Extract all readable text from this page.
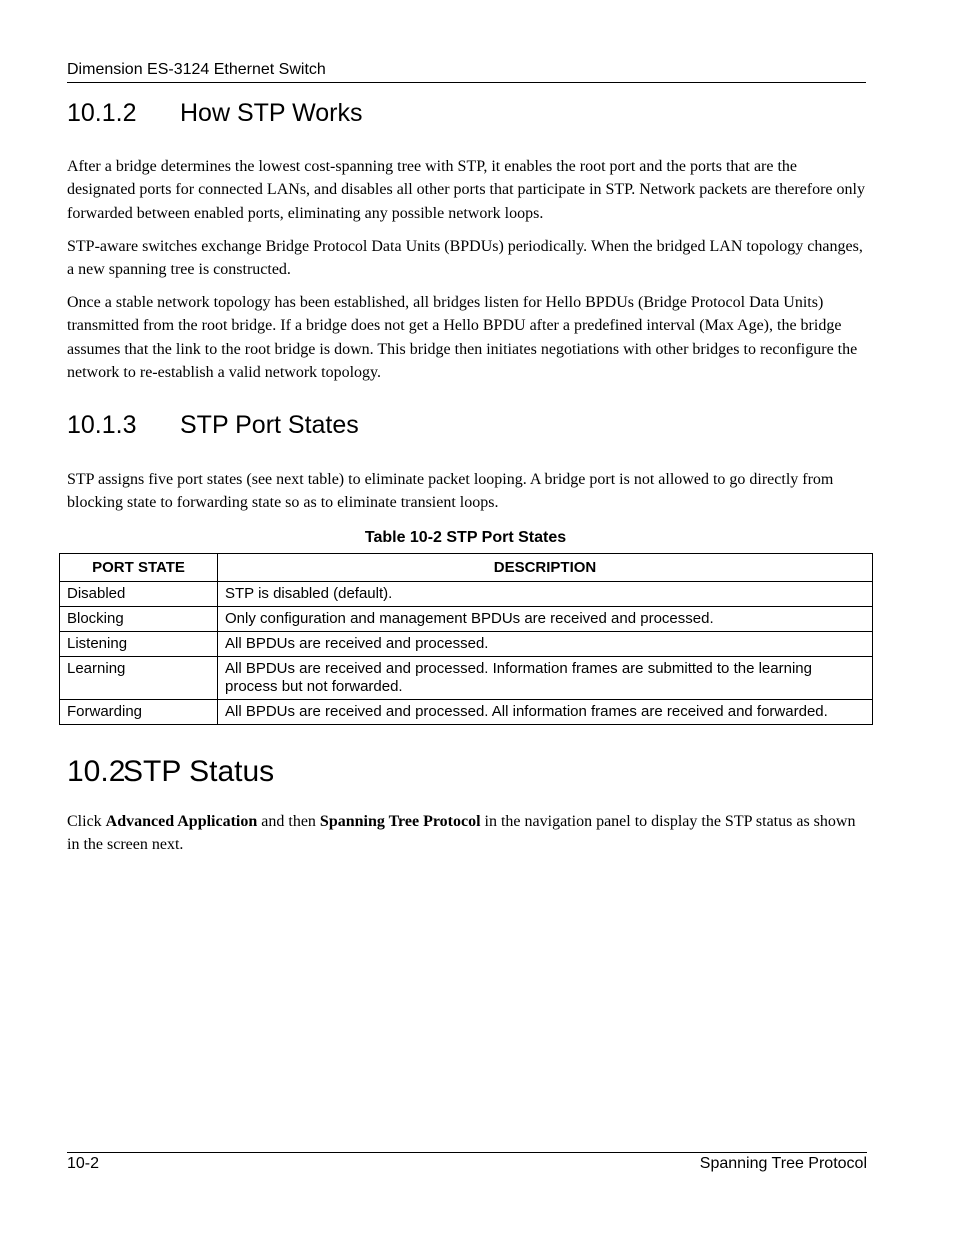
Dimension ES-3124 Ethernet Switch
10.1.2 How STP Works

After a bridge determines the lowest cost-spanning tree with STP, it enables the root port and the ports that are the designated ports for connected LANs, and disables all other ports that participate in STP. Network packets are therefore only forwarded between enabled ports, eliminating any possible network loops.

STP-aware switches exchange Bridge Protocol Data Units (BPDUs) periodically. When the bridged LAN topology changes, a new spanning tree is constructed.

Once a stable network topology has been established, all bridges listen for Hello BPDUs (Bridge Protocol Data Units) transmitted from the root bridge. If a bridge does not get a Hello BPDU after a predefined interval (Max Age), the bridge assumes that the link to the root bridge is down. This bridge then initiates negotiations with other bridges to reconfigure the network to re-establish a valid network topology.

10.1.3 STP Port States

STP assigns five port states (see next table) to eliminate packet looping. A bridge port is not allowed to go directly from blocking state to forwarding state so as to eliminate transient loops.

Table 10-2 STP Port States
PORT STATE	DESCRIPTION
Disabled	STP is disabled (default).
Blocking	Only configuration and management BPDUs are received and processed.
Listening	All BPDUs are received and processed.
Learning	All BPDUs are received and processed. Information frames are submitted to the learning process but not forwarded.
Forwarding	All BPDUs are received and processed. All information frames are received and forwarded.
10.2STP Status

Click Advanced Application and then Spanning Tree Protocol in the navigation panel to display the STP status as shown in the screen next.

10-2	Spanning Tree Protocol
